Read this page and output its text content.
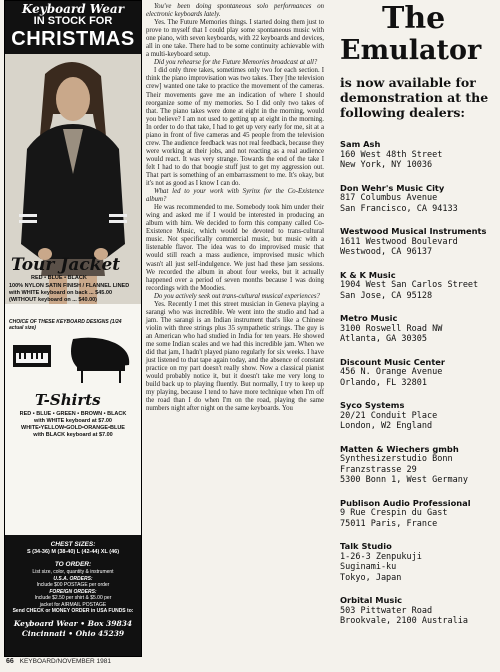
Keyboard Wear
IN STOCK FOR
CHRISTMAS
Tour Jacket
RED • BLUE • BLACK
100% NYLON SATIN FINISH / FLANNEL LINED
with WHITE keyboard on back ... $45.00
(WITHOUT keyboard on ... $40.00)
CHOICE OF THESE KEYBOARD DESIGNS (1/24 actual size)
T-Shirts
RED • BLUE • GREEN • BROWN • BLACK
with WHITE keyboard at $7.00
WHITE•YELLOW•GOLD•ORANGE•BLUE
with BLACK keyboard at $7.00
CHEST SIZES:
S (34-36) M (38-40) L (42-44) XL (46)
TO ORDER:
List size, color, quantity & instrument
U.S.A. ORDERS:
Include $00 POSTAGE per order
FOREIGN ORDERS:
Include $2.50 per shirt & $5.00 per
jacket for AIRMAIL POSTAGE
Send CHECK or MONEY ORDER in USA FUNDS to:
Keyboard Wear • Box 39834
Cincinnati • Ohio 45239

You've been doing spontaneous solo performances on electronic keyboards lately.

Yes. The Future Memories things. I started doing them just to prove to myself that I could play some spontaneous music with one piano, with seven keyboards, with 22 keyboards and devices, all in one take. There had to be some continuity achievable with a multi-keyboard setup.

Did you rehearse for the Future Memories broadcast at all?

I did only three takes, sometimes only two for each section. I think the piano improvisation was two takes. They [the television crew] wanted one take to practice the movement of the cameras. Their movements gave me an indication of where I should reorganize some of my memories. So I did only two takes of that. The piano takes were done at eight in the morning, would you believe? I am not used to getting up at eight in the morning. In order to do that take, I had to get up very early for me, sit at a piano in front of five cameras and 45 people from the television crew. The audience feedback was not real feedback, because they were working at their jobs, and not reacting as a real audience would react. It was very strange. Towards the end of the take I felt I had to do that boogie stuff just to get my aggression out. That part is something of an embarrassment to me. It's okay, but it's not as good as I know I can do.

What led to your work with Syrinx for the Co-Existence album?

He was recommended to me. Somebody took him under their wing and asked me if I would be interested in producing an album with him. We decided to form this company called Co-Existence Music, which would be devoted to trans-cultural music. Not specifically commercial music, but music with a listenable flavor. The idea was to do improvised music that would still reach a mass audience, improvised music which wasn't all just self-indulgence. We just had these jam sessions. We recorded the album in about four weeks, but it actually happened over a period of seven months because I was doing recordings with the Moodies.

Do you actively seek out trans-cultural musical experiences?

Yes. Recently I met this street musician in Geneva playing a sarangi who was incredible. We went into the studio and had a jam. The sarangi is an Indian instrument that's like a Chinese violin with three strings plus 35 sympathetic strings. The guy is an American who had studied in India for ten years. He showed me some Indian scales and we had this incredible jam. When we did that jam, I hadn't played piano regularly for six weeks. I have just listened to that tape again today, and the absence of constant practice on my part doesn't really show. Now a classical pianist would probably notice it, but it doesn't take me very long to build back up to playing fluently. But normally, I try to keep up my playing, because I tend to have more technique when I'm off the road than I do when I'm on the road, playing the same numbers night after night on the same keyboards. You

The
Emulator
is now available for demonstration at the following dealers:
Sam Ash
160 West 48th Street
New York, NY 10036
Don Wehr's Music City
817 Columbus Avenue
San Francisco, CA 94133
Westwood Musical Instruments
1611 Westwood Boulevard
Westwood, CA 96137
K & K Music
1904 West San Carlos Street
San Jose, CA 95128
Metro Music
3100 Roswell Road NW
Atlanta, GA 30305
Discount Music Center
456 N. Orange Avenue
Orlando, FL 32801
Syco Systems
20/21 Conduit Place
London, W2 England
Matten & Wiechers gmbh
Synthesizerstudio Bonn
Franzstrasse 29
5300 Bonn 1, West Germany
Publison Audio Professional
9 Rue Crespin du Gast
75011 Paris, France
Talk Studio
1-26-3 Zenpukuji
Suginami-ku
Tokyo, Japan
Orbital Music
503 Pittwater Road
Brookvale, 2100 Australia
66 KEYBOARD/NOVEMBER 1981
